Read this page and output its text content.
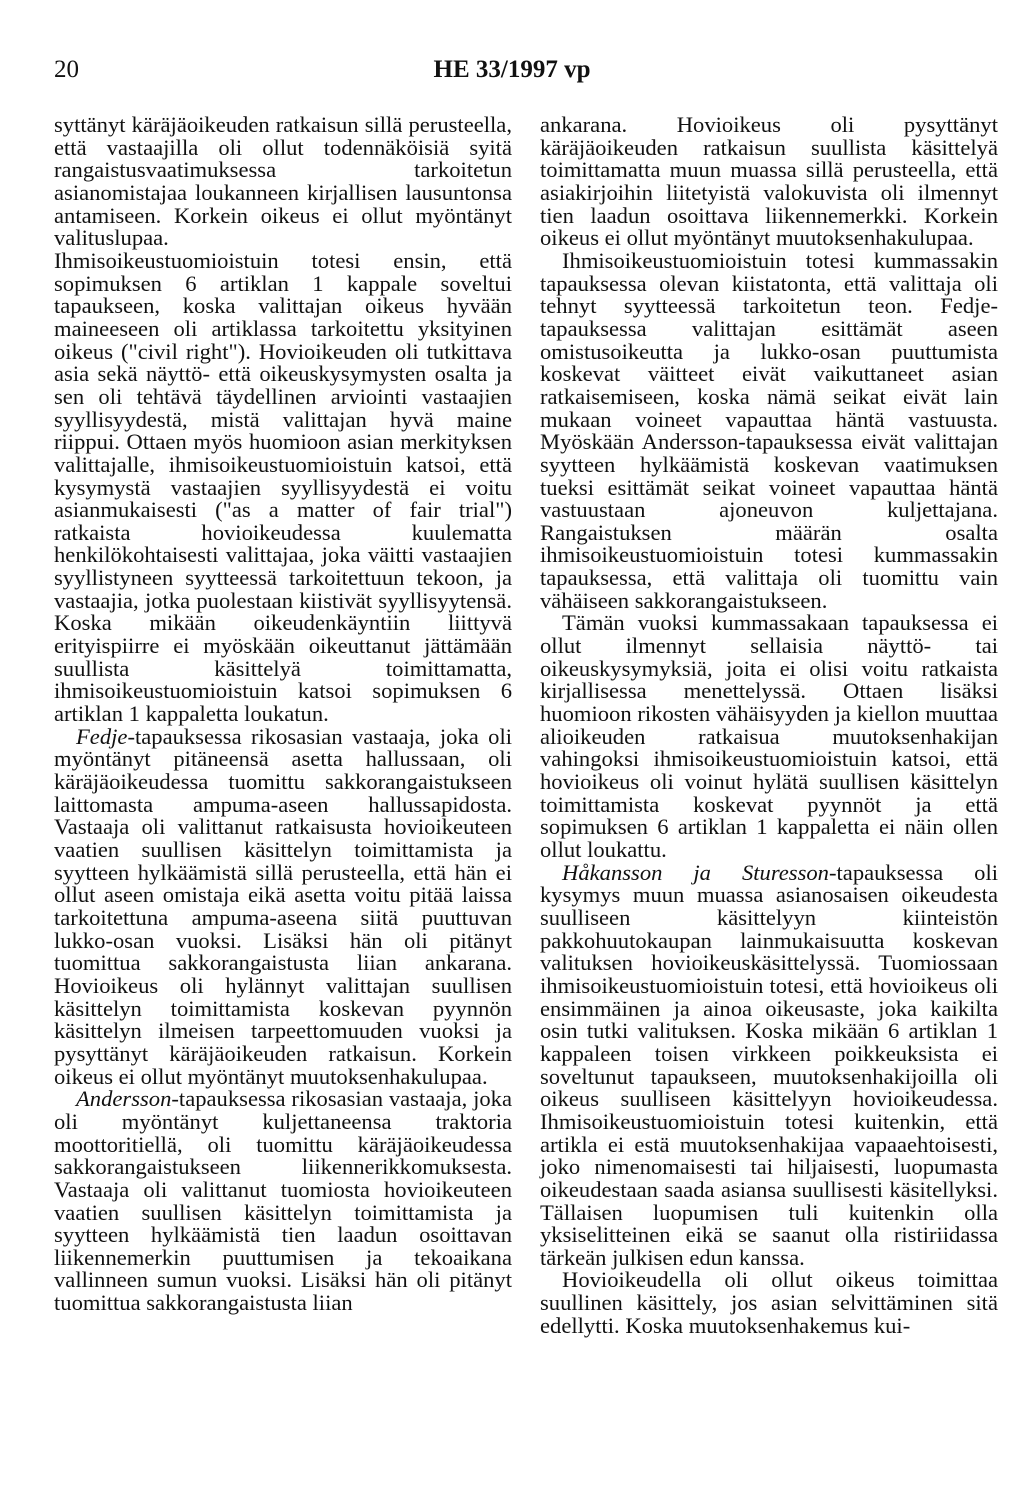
20	HE 33/1997 vp

syttänyt käräjäoikeuden ratkaisun sillä perusteella, että vastaajilla oli ollut todennäköisiä syitä rangaistusvaatimuksessa tarkoitetun asianomistajaa loukanneen kirjallisen lausuntonsa antamiseen. Korkein oikeus ei ollut myöntänyt valituslupaa.

Ihmisoikeustuomioistuin totesi ensin, että sopimuksen 6 artiklan 1 kappale soveltui tapaukseen, koska valittajan oikeus hyvään maineeseen oli artiklassa tarkoitettu yksityinen oikeus ("civil right"). Hovioikeuden oli tutkittava asia sekä näyttö- että oikeuskysymysten osalta ja sen oli tehtävä täydellinen arviointi vastaajien syyllisyydestä, mistä valittajan hyvä maine riippui. Ottaen myös huomioon asian merkityksen valittajalle, ihmisoikeustuomioistuin katsoi, että kysymystä vastaajien syyllisyydestä ei voitu asianmukaisesti ("as a matter of fair trial") ratkaista hovioikeudessa kuulematta henkilökohtaisesti valittajaa, joka väitti vastaajien syyllistyneen syytteessä tarkoitettuun tekoon, ja vastaajia, jotka puolestaan kiistivät syyllisyytensä. Koska mikään oikeudenkäyntiin liittyvä erityispiirre ei myöskään oikeuttanut jättämään suullista käsittelyä toimittamatta, ihmisoikeustuomioistuin katsoi sopimuksen 6 artiklan 1 kappaletta loukatun.

Fedje-tapauksessa rikosasian vastaaja, joka oli myöntänyt pitäneensä asetta hallussaan, oli käräjäoikeudessa tuomittu sakkorangaistukseen laittomasta ampuma-aseen hallussapidosta. Vastaaja oli valittanut ratkaisusta hovioikeuteen vaatien suullisen käsittelyn toimittamista ja syytteen hylkäämistä sillä perusteella, että hän ei ollut aseen omistaja eikä asetta voitu pitää laissa tarkoitettuna ampuma-aseena siitä puuttuvan lukko-osan vuoksi. Lisäksi hän oli pitänyt tuomittua sakkorangaistusta liian ankarana. Hovioikeus oli hylännyt valittajan suullisen käsittelyn toimittamista koskevan pyynnön käsittelyn ilmeisen tarpeettomuuden vuoksi ja pysyttänyt käräjäoikeuden ratkaisun. Korkein oikeus ei ollut myöntänyt muutoksenhakulupaa.

Andersson-tapauksessa rikosasian vastaaja, joka oli myöntänyt kuljettaneensa traktoria moottoritiellä, oli tuomittu käräjäoikeudessa sakkorangaistukseen liikennerikkomuksesta. Vastaaja oli valittanut tuomiosta hovioikeuteen vaatien suullisen käsittelyn toimittamista ja syytteen hylkäämistä tien laadun osoittavan liikennemerkin puuttumisen ja tekoaikana vallinneen sumun vuoksi. Lisäksi hän oli pitänyt tuomittua sakkorangaistusta liian

ankarana. Hovioikeus oli pysyttänyt käräjäoikeuden ratkaisun suullista käsittelyä toimittamatta muun muassa sillä perusteella, että asiakirjoihin liitetyistä valokuvista oli ilmennyt tien laadun osoittava liikennemerkki. Korkein oikeus ei ollut myöntänyt muutoksenhakulupaa.

Ihmisoikeustuomioistuin totesi kummassakin tapauksessa olevan kiistatonta, että valittaja oli tehnyt syytteessä tarkoitetun teon. Fedje-tapauksessa valittajan esittämät aseen omistusoikeutta ja lukko-osan puuttumista koskevat väitteet eivät vaikuttaneet asian ratkaisemiseen, koska nämä seikat eivät lain mukaan voineet vapauttaa häntä vastuusta. Myöskään Andersson-tapauksessa eivät valittajan syytteen hylkäämistä koskevan vaatimuksen tueksi esittämät seikat voineet vapauttaa häntä vastuustaan ajoneuvon kuljettajana. Rangaistuksen määrän osalta ihmisoikeustuomioistuin totesi kummassakin tapauksessa, että valittaja oli tuomittu vain vähäiseen sakkorangaistukseen.

Tämän vuoksi kummassakaan tapauksessa ei ollut ilmennyt sellaisia näyttö- tai oikeuskysymyksiä, joita ei olisi voitu ratkaista kirjallisessa menettelyssä. Ottaen lisäksi huomioon rikosten vähäisyyden ja kiellon muuttaa alioikeuden ratkaisua muutoksenhakijan vahingoksi ihmisoikeustuomioistuin katsoi, että hovioikeus oli voinut hylätä suullisen käsittelyn toimittamista koskevat pyynnöt ja että sopimuksen 6 artiklan 1 kappaletta ei näin ollen ollut loukattu.

Håkansson ja Sturesson-tapauksessa oli kysymys muun muassa asianosaisen oikeudesta suulliseen käsittelyyn kiinteistön pakkohuutokaupan lainmukaisuutta koskevan valituksen hovioikeuskäsittelyssä. Tuomiossaan ihmisoikeustuomioistuin totesi, että hovioikeus oli ensimmäinen ja ainoa oikeusaste, joka kaikilta osin tutki valituksen. Koska mikään 6 artiklan 1 kappaleen toisen virkkeen poikkeuksista ei soveltunut tapaukseen, muutoksenhakijoilla oli oikeus suulliseen käsittelyyn hovioikeudessa. Ihmisoikeustuomioistuin totesi kuitenkin, että artikla ei estä muutoksenhakijaa vapaaehtoisesti, joko nimenomaisesti tai hiljaisesti, luopumasta oikeudestaan saada asiansa suullisesti käsitellyksi. Tällaisen luopumisen tuli kuitenkin olla yksiselitteinen eikä se saanut olla ristiriidassa tärkeän julkisen edun kanssa.

Hovioikeudella oli ollut oikeus toimittaa suullinen käsittely, jos asian selvittäminen sitä edellytti. Koska muutoksenhakemus kui-
